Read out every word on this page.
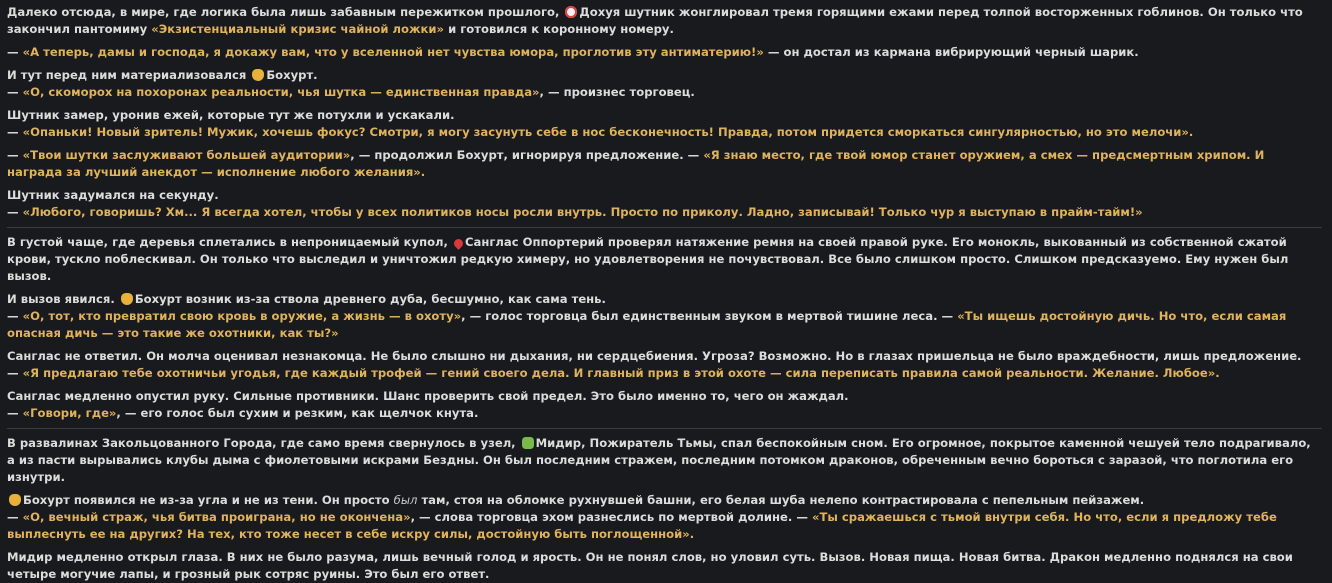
Далеко отсюда, в мире, где логика была лишь забавным пережитком прошлого, Дохуя шутник жонглировал тремя горящими ежами перед толпой восторженных гоблинов. Он только что закончил пантомиму «Экзистенциальный кризис чайной ложки» и готовился к коронному номеру.

— «А теперь, дамы и господа, я докажу вам, что у вселенной нет чувства юмора, проглотив эту антиматерию!» — он достал из кармана вибрирующий черный шарик.

И тут перед ним материализовался Бохурт.
— «О, скоморох на похоронах реальности, чья шутка — единственная правда», — произнес торговец.

Шутник замер, уронив ежей, которые тут же потухли и ускакали.
— «Опаньки! Новый зритель! Мужик, хочешь фокус? Смотри, я могу засунуть себе в нос бесконечность! Правда, потом придется сморкаться сингулярностью, но это мелочи».

— «Твои шутки заслуживают большей аудитории», — продолжил Бохурт, игнорируя предложение. — «Я знаю место, где твой юмор станет оружием, а смех — предсмертным хрипом. И награда за лучший анекдот — исполнение любого желания».

Шутник задумался на секунду.
— «Любого, говоришь? Хм... Я всегда хотел, чтобы у всех политиков носы росли внутрь. Просто по приколу. Ладно, записывай! Только чур я выступаю в прайм-тайм!»

В густой чаще, где деревья сплетались в непроницаемый купол, Санглас Оппортерий проверял натяжение ремня на своей правой руке. Его монокль, выкованный из собственной сжатой крови, тускло поблескивал. Он только что выследил и уничтожил редкую химеру, но удовлетворения не почувствовал. Все было слишком просто. Слишком предсказуемо. Ему нужен был вызов.

И вызов явился. Бохурт возник из-за ствола древнего дуба, бесшумно, как сама тень.
— «О, тот, кто превратил свою кровь в оружие, а жизнь — в охоту», — голос торговца был единственным звуком в мертвой тишине леса. — «Ты ищешь достойную дичь. Но что, если самая опасная дичь — это такие же охотники, как ты?»

Санглас не ответил. Он молча оценивал незнакомца. Не было слышно ни дыхания, ни сердцебиения. Угроза? Возможно. Но в глазах пришельца не было враждебности, лишь предложение.
— «Я предлагаю тебе охотничьи угодья, где каждый трофей — гений своего дела. И главный приз в этой охоте — сила переписать правила самой реальности. Желание. Любое».

Санглас медленно опустил руку. Сильные противники. Шанс проверить свой предел. Это было именно то, чего он жаждал.
— «Говори, где», — его голос был сухим и резким, как щелчок кнута.

В развалинах Закольцованного Города, где само время свернулось в узел, Мидир, Пожиратель Тьмы, спал беспокойным сном. Его огромное, покрытое каменной чешуей тело подрагивало, а из пасти вырывались клубы дыма с фиолетовыми искрами Бездны. Он был последним стражем, последним потомком драконов, обреченным вечно бороться с заразой, что поглотила его изнутри.

Бохурт появился не из-за угла и не из тени. Он просто был там, стоя на обломке рухнувшей башни, его белая шуба нелепо контрастировала с пепельным пейзажем.
— «О, вечный страж, чья битва проиграна, но не окончена», — слова торговца эхом разнеслись по мертвой долине. — «Ты сражаешься с тьмой внутри себя. Но что, если я предложу тебе выплеснуть ее на других? На тех, кто тоже несет в себе искру силы, достойную быть поглощенной».

Мидир медленно открыл глаза. В них не было разума, лишь вечный голод и ярость. Он не понял слов, но уловил суть. Вызов. Новая пища. Новая битва. Дракон медленно поднялся на свои четыре могучие лапы, и грозный рык сотряс руины. Это был его ответ.
